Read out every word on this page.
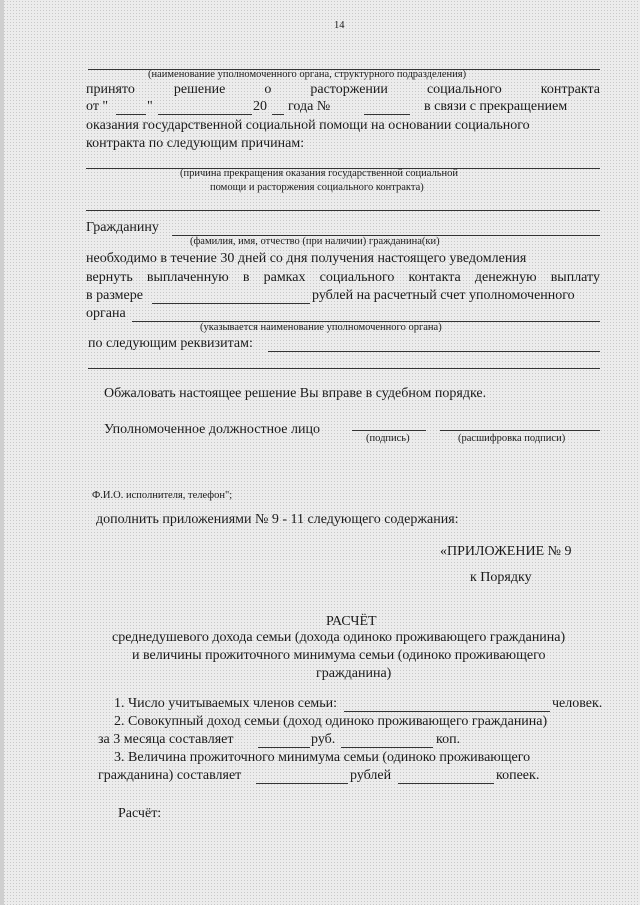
14
(наименование уполномоченного органа, структурного подразделения)
принято	решение	о	расторжении	социального	контракта
от "	"	20 года №	в связи с прекращением
оказания государственной социальной помощи на основании социального
контракта по следующим причинам:
(причина прекращения оказания государственной социальной
помощи и расторжения социального контракта)
Гражданину
(фамилия, имя, отчество (при наличии) гражданина(ки)
необходимо в течение 30 дней со дня получения настоящего уведомления
вернуть выплаченную в рамках социального контакта денежную выплату
в размере	рублей на расчетный счет уполномоченного
органа
(указывается наименование уполномоченного органа)
по следующим реквизитам:
Обжаловать настоящее решение Вы вправе в судебном порядке.
Уполномоченное должностное лицо
(подпись)	(расшифровка подписи)
Ф.И.О. исполнителя, телефон";
дополнить приложениями № 9 - 11 следующего содержания:
«ПРИЛОЖЕНИЕ № 9
к Порядку
РАСЧЁТ
среднедушевого дохода семьи (дохода одиноко проживающего гражданина)
и величины прожиточного минимума семьи (одиноко проживающего
гражданина)
1. Число учитываемых членов семьи:	человек.
2. Совокупный доход семьи (доход одиноко проживающего гражданина)
за 3 месяца составляет	руб.	коп.
3. Величина прожиточного минимума семьи (одиноко проживающего
гражданина) составляет	рублей	копеек.
Расчёт:
